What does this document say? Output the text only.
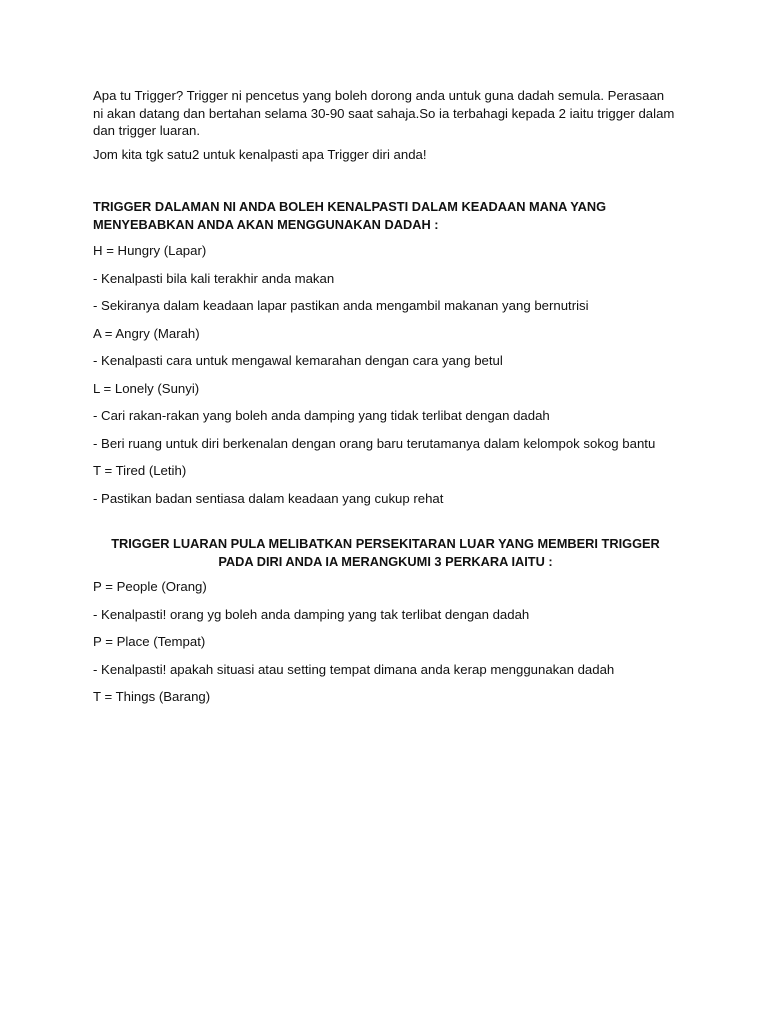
Apa tu Trigger? Trigger ni pencetus yang boleh dorong anda untuk guna dadah semula. Perasaan ni akan datang dan bertahan selama 30-90 saat sahaja.So ia terbahagi kepada 2 iaitu trigger dalam dan trigger luaran.

Jom kita tgk satu2 untuk kenalpasti apa Trigger diri anda!

TRIGGER DALAMAN NI ANDA BOLEH KENALPASTI DALAM KEADAAN MANA YANG MENYEBABKAN ANDA AKAN MENGGUNAKAN DADAH :

H = Hungry (Lapar)

- Kenalpasti bila kali terakhir anda makan

- Sekiranya dalam keadaan lapar pastikan anda mengambil makanan yang bernutrisi

A = Angry (Marah)

- Kenalpasti cara untuk mengawal kemarahan dengan cara yang betul

L = Lonely (Sunyi)

- Cari rakan-rakan yang boleh anda damping yang tidak terlibat dengan dadah

- Beri ruang untuk diri berkenalan dengan orang baru terutamanya dalam kelompok sokog bantu

T = Tired (Letih)

- Pastikan badan sentiasa dalam keadaan yang cukup rehat

TRIGGER LUARAN PULA MELIBATKAN PERSEKITARAN LUAR YANG MEMBERI TRIGGER PADA DIRI ANDA IA MERANGKUMI 3 PERKARA IAITU :

P = People (Orang)

- Kenalpasti! orang yg boleh anda damping yang tak terlibat dengan dadah

P = Place (Tempat)

- Kenalpasti! apakah situasi atau setting tempat dimana anda kerap menggunakan dadah

T = Things (Barang)
